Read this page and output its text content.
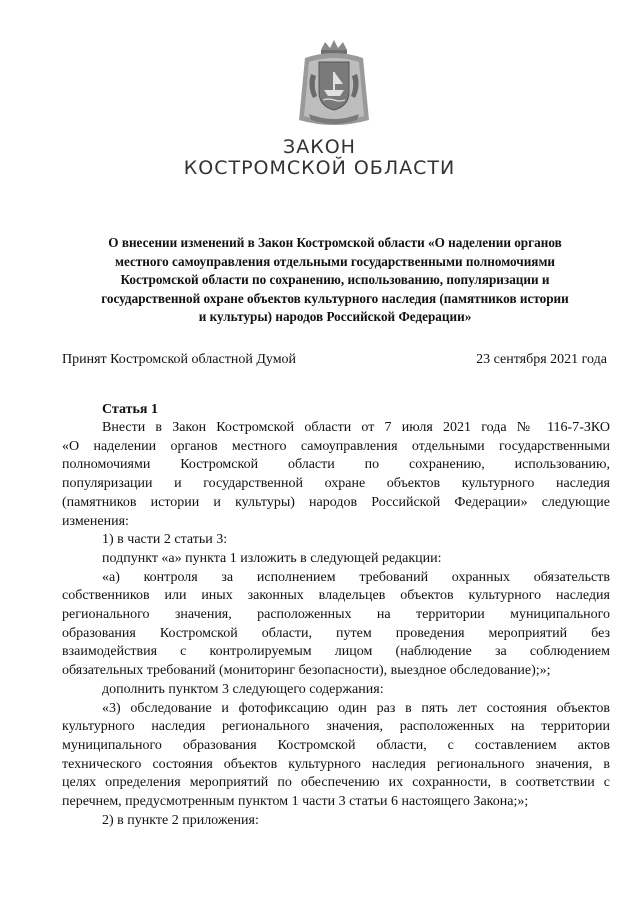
ЗАКОН
КОСТРОМСКОЙ ОБЛАСТИ
О внесении изменений в Закон Костромской области «О наделении органов
местного самоуправления отдельными государственными полномочиями
Костромской области по сохранению, использованию, популяризации и
государственной охране объектов культурного наследия (памятников истории
и культуры) народов Российской Федерации»
Принят Костромской областной Думой	23 сентября 2021 года
Статья 1
Внести в Закон Костромской области от 7 июля 2021 года № 116-7-ЗКО
«О наделении органов местного самоуправления отдельными государственными
полномочиями Костромской области по сохранению, использованию,
популяризации и государственной охране объектов культурного наследия
(памятников истории и культуры) народов Российской Федерации» следующие
изменения:
1) в части 2 статьи 3:
подпункт «а» пункта 1 изложить в следующей редакции:
«а) контроля за исполнением требований охранных обязательств
собственников или иных законных владельцев объектов культурного наследия
регионального значения, расположенных на территории муниципального
образования Костромской области, путем проведения мероприятий без
взаимодействия с контролируемым лицом (наблюдение за соблюдением
обязательных требований (мониторинг безопасности), выездное обследование);»;
дополнить пунктом 3 следующего содержания:
«3) обследование и фотофиксацию один раз в пять лет состояния объектов
культурного наследия регионального значения, расположенных на территории
муниципального образования Костромской области, с составлением актов
технического состояния объектов культурного наследия регионального значения, в
целях определения мероприятий по обеспечению их сохранности, в соответствии с
перечнем, предусмотренным пунктом 1 части 3 статьи 6 настоящего Закона;»;
2) в пункте 2 приложения:
